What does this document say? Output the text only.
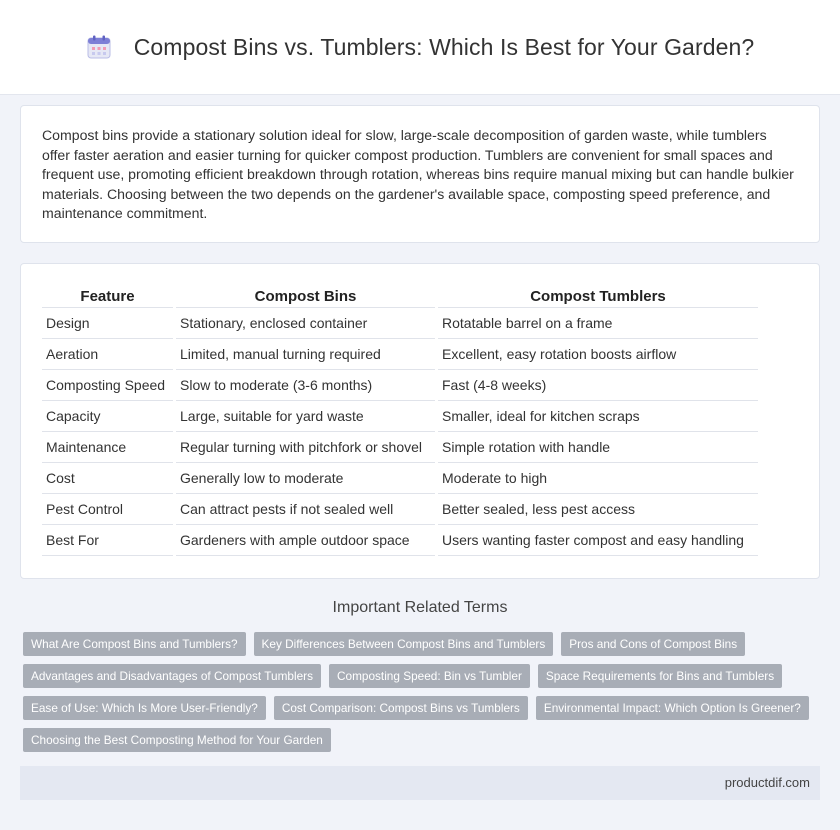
Compost Bins vs. Tumblers: Which Is Best for Your Garden?

Compost bins provide a stationary solution ideal for slow, large-scale decomposition of garden waste, while tumblers offer faster aeration and easier turning for quicker compost production. Tumblers are convenient for small spaces and frequent use, promoting efficient breakdown through rotation, whereas bins require manual mixing but can handle bulkier materials. Choosing between the two depends on the gardener's available space, composting speed preference, and maintenance commitment.

Feature	Compost Bins	Compost Tumblers
Design	Stationary, enclosed container	Rotatable barrel on a frame
Aeration	Limited, manual turning required	Excellent, easy rotation boosts airflow
Composting Speed	Slow to moderate (3-6 months)	Fast (4-8 weeks)
Capacity	Large, suitable for yard waste	Smaller, ideal for kitchen scraps
Maintenance	Regular turning with pitchfork or shovel	Simple rotation with handle
Cost	Generally low to moderate	Moderate to high
Pest Control	Can attract pests if not sealed well	Better sealed, less pest access
Best For	Gardeners with ample outdoor space	Users wanting faster compost and easy handling
Important Related Terms
What Are Compost Bins and Tumblers?	Key Differences Between Compost Bins and Tumblers	Pros and Cons of Compost Bins
Advantages and Disadvantages of Compost Tumblers	Composting Speed: Bin vs Tumbler	Space Requirements for Bins and Tumblers
Ease of Use: Which Is More User-Friendly?	Cost Comparison: Compost Bins vs Tumblers	Environmental Impact: Which Option Is Greener?
Choosing the Best Composting Method for Your Garden
productdif.com
